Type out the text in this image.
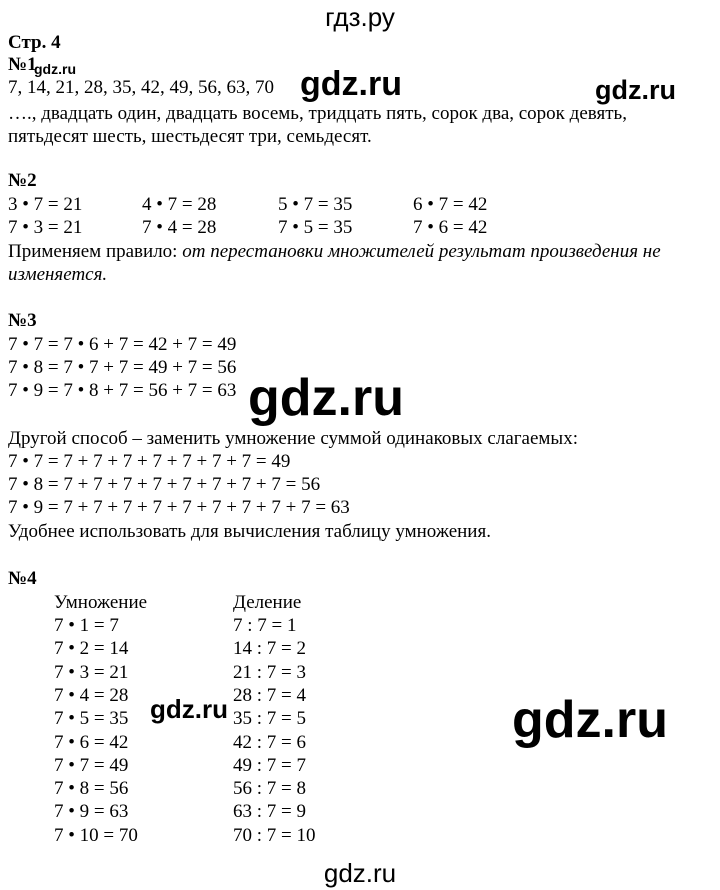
гдз.ру
Стр. 4
№1
gdz.ru
7, 14, 21, 28, 35, 42, 49, 56, 63, 70 gdz.ru	gdz.ru
…., двадцать один, двадцать восемь, тридцать пять, сорок два, сорок девять,
пятьдесят шесть, шестьдесят три, семьдесят.
№2
3 • 7 = 21	4 • 7 = 28	5 • 7 = 35	6 • 7 = 42
7 • 3 = 21	7 • 4 = 28	7 • 5 = 35	7 • 6 = 42
Применяем правило: от перестановки множителей результат произведения не
изменяется.
№3
7 • 7 = 7 • 6 + 7 = 42 + 7 = 49
7 • 8 = 7 • 7 + 7 = 49 + 7 = 56
7 • 9 = 7 • 8 + 7 = 56 + 7 = 63 gdz.ru
Другой способ – заменить умножение суммой одинаковых слагаемых:
7 • 7 = 7 + 7 + 7 + 7 + 7 + 7 + 7 = 49
7 • 8 = 7 + 7 + 7 + 7 + 7 + 7 + 7 + 7 = 56
7 • 9 = 7 + 7 + 7 + 7 + 7 + 7 + 7 + 7 + 7 = 63
Удобнее использовать для вычисления таблицу умножения.
№4
Умножение	Деление
7 • 1 = 7	7 : 7 = 1
7 • 2 = 14	14 : 7 = 2
7 • 3 = 21	21 : 7 = 3
7 • 4 = 28	28 : 7 = 4
7 • 5 = 35	35 : 7 = 5
7 • 6 = 42	42 : 7 = 6
7 • 7 = 49	49 : 7 = 7
7 • 8 = 56	56 : 7 = 8
7 • 9 = 63	63 : 7 = 9
7 • 10 = 70	70 : 7 = 10
gdz.ru	gdz.ru
gdz.ru
